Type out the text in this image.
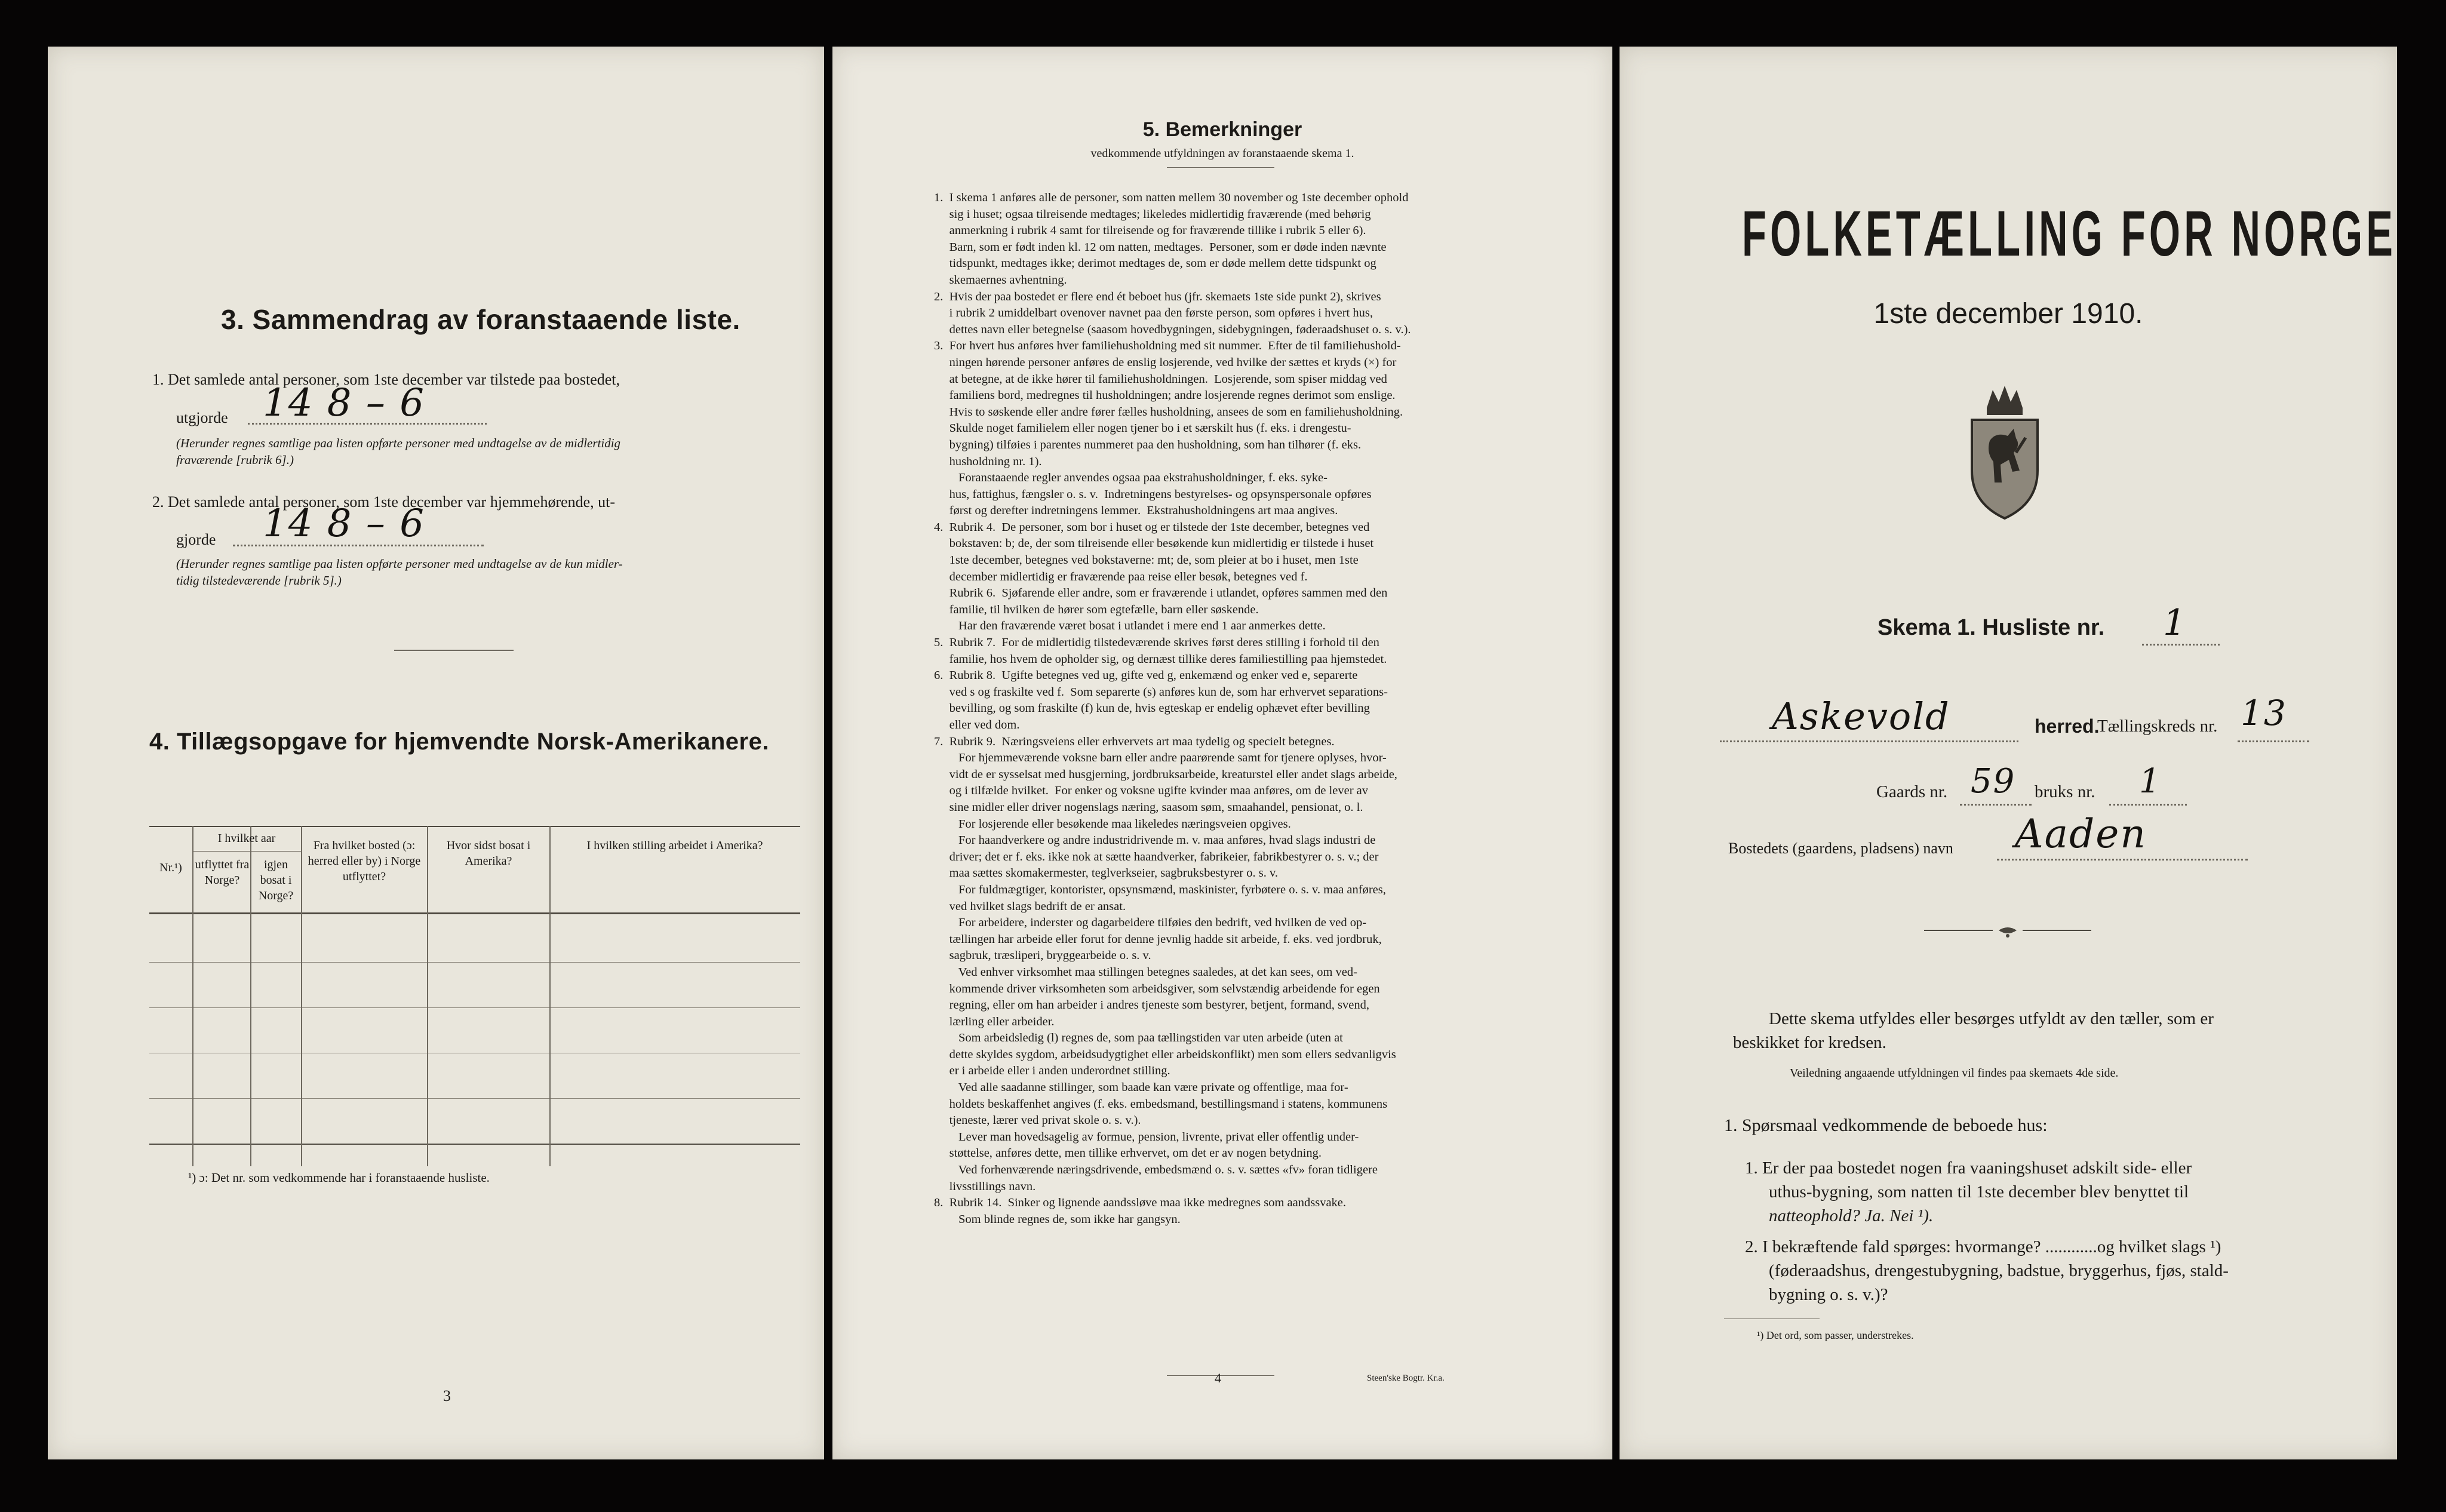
3. Sammendrag av foranstaaende liste.
1. Det samlede antal personer, som 1ste december var tilstede paa bostedet,
utgjorde 14 8 – 6
(Herunder regnes samtlige paa listen opførte personer med undtagelse av de midlertidig
fraværende [rubrik 6].)
2. Det samlede antal personer, som 1ste december var hjemmehørende, ut-
gjorde 14 8 – 6
(Herunder regnes samtlige paa listen opførte personer med undtagelse av de kun midler-
tidig tilstedeværende [rubrik 5].)
4. Tillægsopgave for hjemvendte Norsk-Amerikanere.
Nr.¹)
I hvilket aar
utflyttet fra Norge?
igjen bosat i Norge?
Fra hvilket bosted (ɔ: herred eller by) i Norge utflyttet?
Hvor sidst bosat i Amerika?
I hvilken stilling arbeidet i Amerika?
¹) ɔ: Det nr. som vedkommende har i foranstaaende husliste.
3
5. Bemerkninger
vedkommende utfyldningen av foranstaaende skema 1.
1.  I skema 1 anføres alle de personer, som natten mellem 30 november og 1ste december ophold
sig i huset; ogsaa tilreisende medtages; likeledes midlertidig fraværende (med behørig
anmerkning i rubrik 4 samt for tilreisende og for fraværende tillike i rubrik 5 eller 6).
Barn, som er født inden kl. 12 om natten, medtages.  Personer, som er døde inden nævnte
tidspunkt, medtages ikke; derimot medtages de, som er døde mellem dette tidspunkt og
skemaernes avhentning.
2.  Hvis der paa bostedet er flere end ét beboet hus (jfr. skemaets 1ste side punkt 2), skrives
i rubrik 2 umiddelbart ovenover navnet paa den første person, som opføres i hvert hus,
dettes navn eller betegnelse (saasom hovedbygningen, sidebygningen, føderaadshuset o. s. v.).
3.  For hvert hus anføres hver familiehusholdning med sit nummer.  Efter de til familiehushold-
ningen hørende personer anføres de enslig losjerende, ved hvilke der sættes et kryds (×) for
at betegne, at de ikke hører til familiehusholdningen.  Losjerende, som spiser middag ved
familiens bord, medregnes til husholdningen; andre losjerende regnes derimot som enslige.
Hvis to søskende eller andre fører fælles husholdning, ansees de som en familiehusholdning.
Skulde noget familielem eller nogen tjener bo i et særskilt hus (f. eks. i drengestu-
bygning) tilføies i parentes nummeret paa den husholdning, som han tilhører (f. eks.
husholdning nr. 1).
Foranstaaende regler anvendes ogsaa paa ekstrahusholdninger, f. eks. syke-
hus, fattighus, fængsler o. s. v.  Indretningens bestyrelses- og opsynspersonale opføres
først og derefter indretningens lemmer.  Ekstrahusholdningens art maa angives.
4.  Rubrik 4.  De personer, som bor i huset og er tilstede der 1ste december, betegnes ved
bokstaven: b; de, der som tilreisende eller besøkende kun midlertidig er tilstede i huset
1ste december, betegnes ved bokstaverne: mt; de, som pleier at bo i huset, men 1ste
december midlertidig er fraværende paa reise eller besøk, betegnes ved f.
Rubrik 6.  Sjøfarende eller andre, som er fraværende i utlandet, opføres sammen med den
familie, til hvilken de hører som egtefælle, barn eller søskende.
Har den fraværende været bosat i utlandet i mere end 1 aar anmerkes dette.
5.  Rubrik 7.  For de midlertidig tilstedeværende skrives først deres stilling i forhold til den
familie, hos hvem de opholder sig, og dernæst tillike deres familiestilling paa hjemstedet.
6.  Rubrik 8.  Ugifte betegnes ved ug, gifte ved g, enkemænd og enker ved e, separerte
ved s og fraskilte ved f.  Som separerte (s) anføres kun de, som har erhvervet separations-
bevilling, og som fraskilte (f) kun de, hvis egteskap er endelig ophævet efter bevilling
eller ved dom.
7.  Rubrik 9.  Næringsveiens eller erhvervets art maa tydelig og specielt betegnes.
For hjemmeværende voksne barn eller andre paarørende samt for tjenere oplyses, hvor-
vidt de er sysselsat med husgjerning, jordbruksarbeide, kreaturstel eller andet slags arbeide,
og i tilfælde hvilket.  For enker og voksne ugifte kvinder maa anføres, om de lever av
sine midler eller driver nogenslags næring, saasom søm, smaahandel, pensionat, o. l.
For losjerende eller besøkende maa likeledes næringsveien opgives.
For haandverkere og andre industridrivende m. v. maa anføres, hvad slags industri de
driver; det er f. eks. ikke nok at sætte haandverker, fabrikeier, fabrikbestyrer o. s. v.; der
maa sættes skomakermester, teglverkseier, sagbruksbestyrer o. s. v.
For fuldmægtiger, kontorister, opsynsmænd, maskinister, fyrbøtere o. s. v. maa anføres,
ved hvilket slags bedrift de er ansat.
For arbeidere, inderster og dagarbeidere tilføies den bedrift, ved hvilken de ved op-
tællingen har arbeide eller forut for denne jevnlig hadde sit arbeide, f. eks. ved jordbruk,
sagbruk, træsliperi, bryggearbeide o. s. v.
Ved enhver virksomhet maa stillingen betegnes saaledes, at det kan sees, om ved-
kommende driver virksomheten som arbeidsgiver, som selvstændig arbeidende for egen
regning, eller om han arbeider i andres tjeneste som bestyrer, betjent, formand, svend,
lærling eller arbeider.
Som arbeidsledig (l) regnes de, som paa tællingstiden var uten arbeide (uten at
dette skyldes sygdom, arbeidsudygtighet eller arbeidskonflikt) men som ellers sedvanligvis
er i arbeide eller i anden underordnet stilling.
Ved alle saadanne stillinger, som baade kan være private og offentlige, maa for-
holdets beskaffenhet angives (f. eks. embedsmand, bestillingsmand i statens, kommunens
tjeneste, lærer ved privat skole o. s. v.).
Lever man hovedsagelig av formue, pension, livrente, privat eller offentlig under-
støttelse, anføres dette, men tillike erhvervet, om det er av nogen betydning.
Ved forhenværende næringsdrivende, embedsmænd o. s. v. sættes «fv» foran tidligere
livsstillings navn.
8.  Rubrik 14.  Sinker og lignende aandssløve maa ikke medregnes som aandssvake.
Som blinde regnes de, som ikke har gangsyn.
4	Steen'ske Bogtr. Kr.a.
FOLKETÆLLING FOR NORGE
1ste december 1910.
Skema 1. Husliste nr. 1
Askevold	herred.
Tællingskreds nr. 13
Gaards nr. 59 bruks nr. 1
Bostedets (gaardens, pladsens) navn Aaden
Dette skema utfyldes eller besørges utfyldt av den tæller, som er
beskikket for kredsen.
Veiledning angaaende utfyldningen vil findes paa skemaets 4de side.
1. Spørsmaal vedkommende de beboede hus:
1. Er der paa bostedet nogen fra vaaningshuset adskilt side- eller
uthus-bygning, som natten til 1ste december blev benyttet til
natteophold? Ja. Nei ¹).
2. I bekræftende fald spørges: hvormange? ............og hvilket slags ¹)
(føderaadshus, drengestubygning, badstue, bryggerhus, fjøs, stald-
bygning o. s. v.)?
¹) Det ord, som passer, understrekes.
